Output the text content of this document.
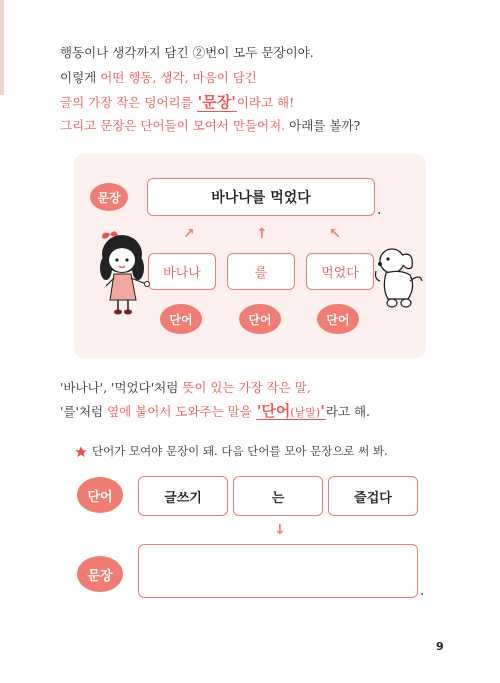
행동이나 생각까지 담긴 ②번이 모두 문장이야.
이렇게 어떤 행동, 생각, 마음이 담긴
글의 가장 작은 덩어리를 '문장'이라고 해!
그리고 문장은 단어들이 모여서 만들어져. 아래를 볼까?
문장	바나나를 먹었다
.
↗	↑	↖
바나나	를	먹었다
단어	단어	단어
'바나나', '먹었다'처럼 뜻이 있는 가장 작은 말,
'를'처럼 옆에 붙어서 도와주는 말을 '단어(낱말)'라고 해.
단어가 모여야 문장이 돼. 다음 단어를 모아 문장으로 써 봐.
단어	글쓰기	는	즐겁다
↓
문장
.
9
